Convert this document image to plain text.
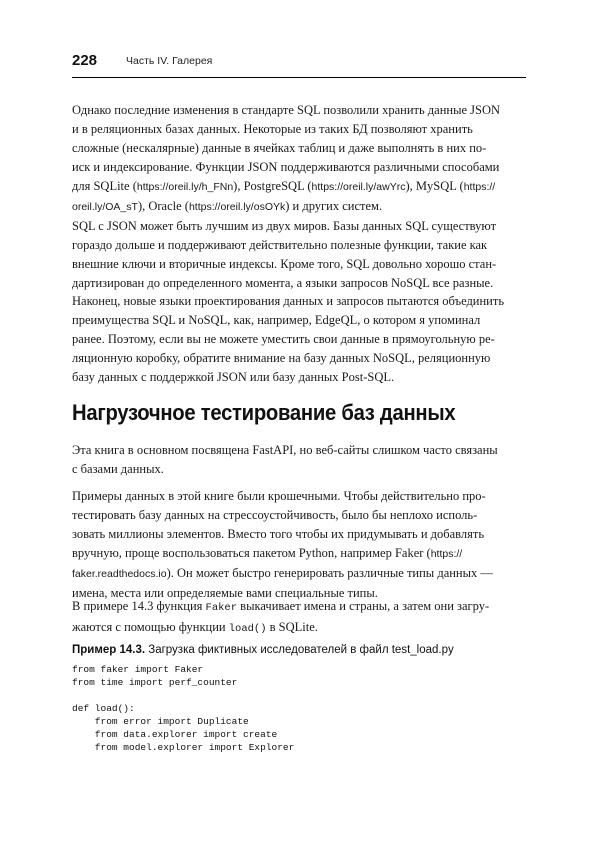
228	Часть IV. Галерея
Однако последние изменения в стандарте SQL позволили хранить данные JSON
и в реляционных базах данных. Некоторые из таких БД позволяют хранить
сложные (нескалярные) данные в ячейках таблиц и даже выполнять в них по-
иск и индексирование. Функции JSON поддерживаются различными способами
для SQLite (https://oreil.ly/h_FNn), PostgreSQL (https://oreil.ly/awYrc), MySQL (https://
oreil.ly/OA_sT), Oracle (https://oreil.ly/osOYk) и других систем.
SQL с JSON может быть лучшим из двух миров. Базы данных SQL существуют
гораздо дольше и поддерживают действительно полезные функции, такие как
внешние ключи и вторичные индексы. Кроме того, SQL довольно хорошо стан-
дартизирован до определенного момента, а языки запросов NoSQL все разные.
Наконец, новые языки проектирования данных и запросов пытаются объединить
преимущества SQL и NoSQL, как, например, EdgeQL, о котором я упоминал
ранее. Поэтому, если вы не можете уместить свои данные в прямоугольную ре-
ляционную коробку, обратите внимание на базу данных NoSQL, реляционную
базу данных с поддержкой JSON или базу данных Post-SQL.
Нагрузочное тестирование баз данных
Эта книга в основном посвящена FastAPI, но веб-сайты слишком часто связаны
с базами данных.
Примеры данных в этой книге были крошечными. Чтобы действительно про-
тестировать базу данных на стрессоустойчивость, было бы неплохо исполь-
зовать миллионы элементов. Вместо того чтобы их придумывать и добавлять
вручную, проще воспользоваться пакетом Python, например Faker (https://
faker.readthedocs.io). Он может быстро генерировать различные типы данных —
имена, места или определяемые вами специальные типы.
В примере 14.3 функция Faker выкачивает имена и страны, а затем они загру-
жаются с помощью функции load() в SQLite.
Пример 14.3. Загрузка фиктивных исследователей в файл test_load.py
from faker import Faker
from time import perf_counter

def load():
from error import Duplicate
from data.explorer import create
from model.explorer import Explorer
